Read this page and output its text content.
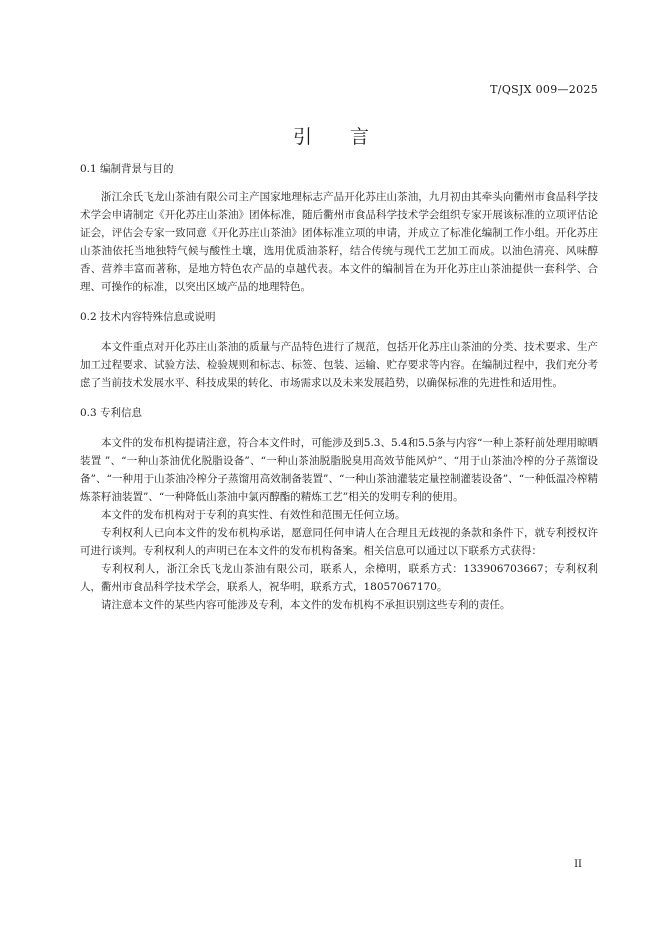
T/QSJX 009—2025
引言

0.1 编制背景与目的

浙江余氏飞龙山茶油有限公司主产国家地理标志产品开化苏庄山茶油，九月初由其牵头向衢州市食品科学技术学会申请制定《开化苏庄山茶油》团体标准，随后衢州市食品科学技术学会组织专家开展该标准的立项评估论证会，评估会专家一致同意《开化苏庄山茶油》团体标准立项的申请，并成立了标准化编制工作小组。开化苏庄山茶油依托当地独特气候与酸性土壤，选用优质油茶籽，结合传统与现代工艺加工而成。以油色清亮、风味醇香、营养丰富而著称，是地方特色农产品的卓越代表。本文件的编制旨在为开化苏庄山茶油提供一套科学、合理、可操作的标准，以突出区域产品的地理特色。

0.2 技术内容特殊信息或说明

本文件重点对开化苏庄山茶油的质量与产品特色进行了规范，包括开化苏庄山茶油的分类、技术要求、生产加工过程要求、试验方法、检验规则和标志、标签、包装、运输、贮存要求等内容。在编制过程中，我们充分考虑了当前技术发展水平、科技成果的转化、市场需求以及未来发展趋势，以确保标准的先进性和适用性。

0.3 专利信息

本文件的发布机构提请注意，符合本文件时，可能涉及到5.3、5.4和5.5条与内容“一种上茶籽前处理用晾晒装置 ”、“一种山茶油优化脱脂设备”、“一种山茶油脱脂脱臭用高效节能风炉”、“用于山茶油冷榨的分子蒸馏设备”、“一种用于山茶油冷榨分子蒸馏用高效制备装置”、“一种山茶油灌装定量控制灌装设备”、“一种低温冷榨精炼茶籽油装置”、“一种降低山茶油中氯丙醇酯的精炼工艺”相关的发明专利的使用。

本文件的发布机构对于专利的真实性、有效性和范围无任何立场。

专利权利人已向本文件的发布机构承诺，愿意同任何申请人在合理且无歧视的条款和条件下，就专利授权许可进行谈判。专利权利人的声明已在本文件的发布机构备案。相关信息可以通过以下联系方式获得：

专利权利人，浙江余氏飞龙山茶油有限公司，联系人，余樟明，联系方式：13390670366​7；专利权利人，衢州市食品科学技术学会，联系人，祝华明，联系方式，18057067170。

请注意本文件的某些内容可能涉及专利，本文件的发布机构不承担识别这些专利的责任。

II
